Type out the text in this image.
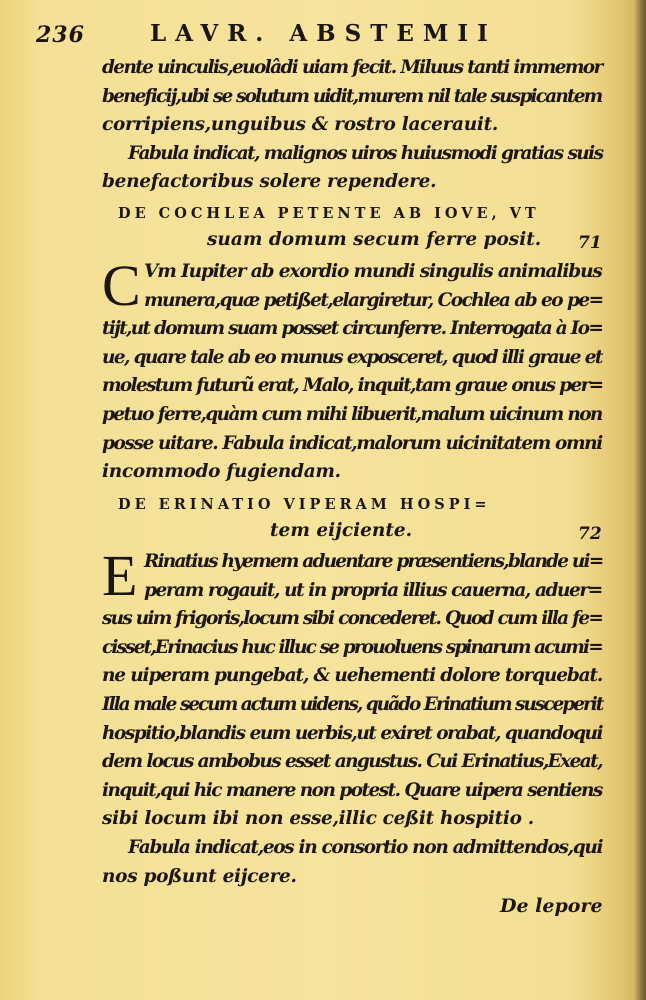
236	LAVR. ABSTEMII
dente uinculis,euolâdi uiam fecit. Miluus tanti immemor
beneficij,ubi se solutum uidit,murem nil tale suspicantem
corripiens,unguibus & rostro lacerauit.
Fabula indicat, malignos uiros huiusmodi gratias suis
benefactoribus solere rependere.
DE COCHLEA PETENTE AB IOVE, VT
suam domum secum ferre posit. 71
C Vm Iupiter ab exordio mundi singulis animalibus
munera,quæ petißet,elargiretur, Cochlea ab eo pe=
tijt,ut domum suam posset circunferre. Interrogata à Io=
ue, quare tale ab eo munus exposceret, quod illi graue et
molestum futurũ erat, Malo, inquit,tam graue onus per=
petuo ferre,quàm cum mihi libuerit,malum uicinum non
posse uitare. Fabula indicat,malorum uicinitatem omni
incommodo fugiendam.
DE ERINATIO VIPERAM HOSPI=
tem eijciente.	72
E Rinatius hyemem aduentare præsentiens,blande ui=
peram rogauit, ut in propria illius cauerna, aduer=
sus uim frigoris,locum sibi concederet. Quod cum illa fe=
cisset,Erinacius huc illuc se prouoluens spinarum acumi=
ne uiperam pungebat, & uehementi dolore torquebat.
Illa male secum actum uidens, quãdo Erinatium susceperit
hospitio,blandis eum uerbis,ut exiret orabat, quandoqui
dem locus ambobus esset angustus. Cui Erinatius,Exeat,
inquit,qui hic manere non potest. Quare uipera sentiens
sibi locum ibi non esse,illic ceßit hospitio .
Fabula indicat,eos in consortio non admittendos,qui
nos poßunt eijcere.
De lepore
